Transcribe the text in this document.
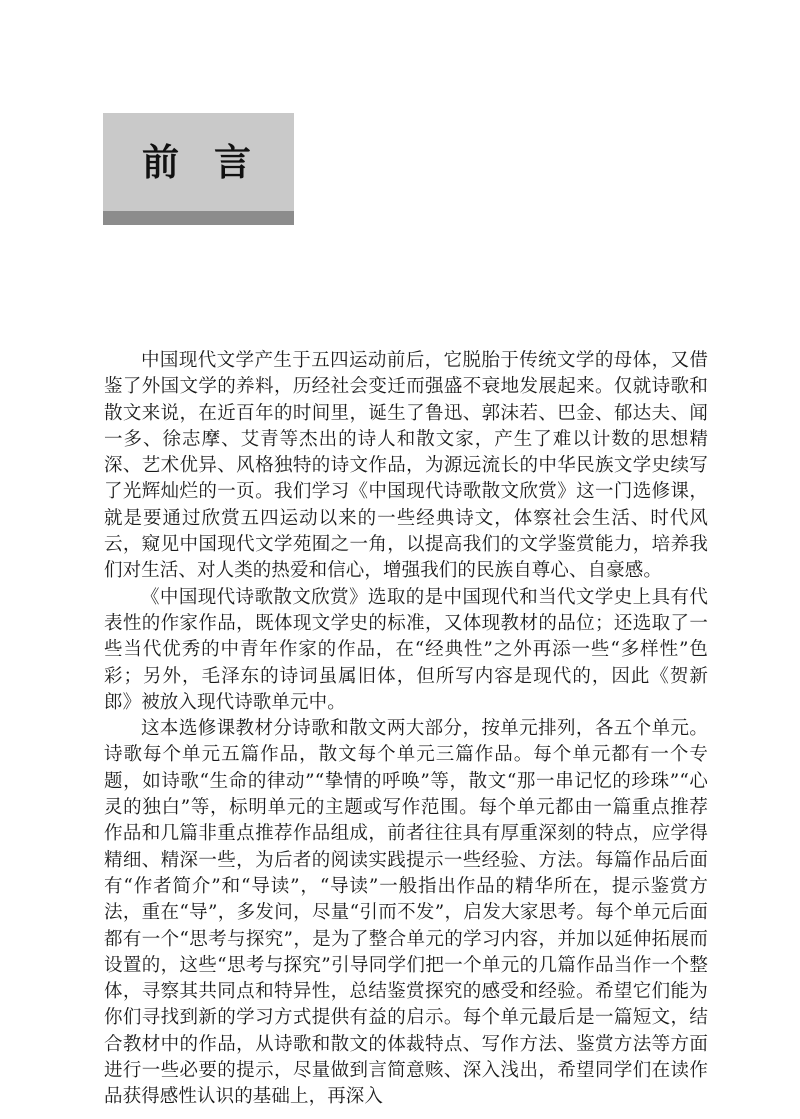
前言

中国现代文学产生于五四运动前后，它脱胎于传统文学的母体，又借鉴了外国文学的养料，历经社会变迁而强盛不衰地发展起来。仅就诗歌和散文来说，在近百年的时间里，诞生了鲁迅、郭沫若、巴金、郁达夫、闻一多、徐志摩、艾青等杰出的诗人和散文家，产生了难以计数的思想精深、艺术优异、风格独特的诗文作品，为源远流长的中华民族文学史续写了光辉灿烂的一页。我们学习《中国现代诗歌散文欣赏》这一门选修课，就是要通过欣赏五四运动以来的一些经典诗文，体察社会生活、时代风云，窥见中国现代文学苑囿之一角，以提高我们的文学鉴赏能力，培养我们对生活、对人类的热爱和信心，增强我们的民族自尊心、自豪感。

《中国现代诗歌散文欣赏》选取的是中国现代和当代文学史上具有代表性的作家作品，既体现文学史的标准，又体现教材的品位；还选取了一些当代优秀的中青年作家的作品，在“经典性”之外再添一些“多样性”色彩；另外，毛泽东的诗词虽属旧体，但所写内容是现代的，因此《贺新郎》被放入现代诗歌单元中。

这本选修课教材分诗歌和散文两大部分，按单元排列，各五个单元。诗歌每个单元五篇作品，散文每个单元三篇作品。每个单元都有一个专题，如诗歌“生命的律动”“挚情的呼唤”等，散文“那一串记忆的珍珠”“心灵的独白”等，标明单元的主题或写作范围。每个单元都由一篇重点推荐作品和几篇非重点推荐作品组成，前者往往具有厚重深刻的特点，应学得精细、精深一些，为后者的阅读实践提示一些经验、方法。每篇作品后面有“作者简介”和“导读”，“导读”一般指出作品的精华所在，提示鉴赏方法，重在“导”，多发问，尽量“引而不发”，启发大家思考。每个单元后面都有一个“思考与探究”，是为了整合单元的学习内容，并加以延伸拓展而设置的，这些“思考与探究”引导同学们把一个单元的几篇作品当作一个整体，寻察其共同点和特异性，总结鉴赏探究的感受和经验。希望它们能为你们寻找到新的学习方式提供有益的启示。每个单元最后是一篇短文，结合教材中的作品，从诗歌和散文的体裁特点、写作方法、鉴赏方法等方面进行一些必要的提示，尽量做到言简意赅、深入浅出，希望同学们在读作品获得感性认识的基础上，再深入
